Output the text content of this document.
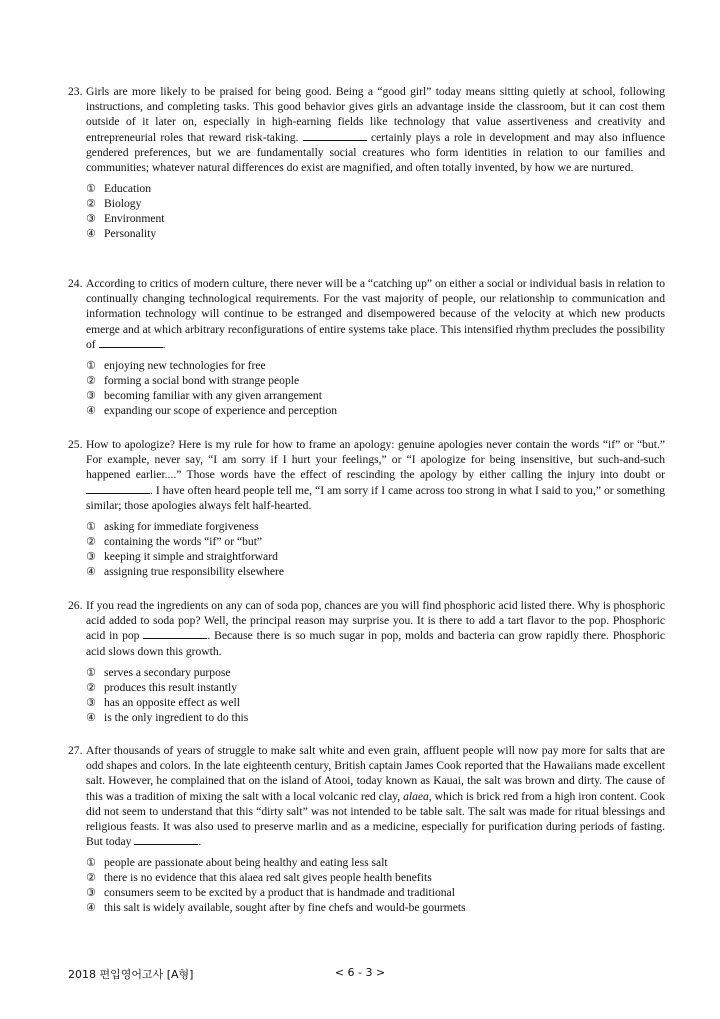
23. Girls are more likely to be praised for being good. Being a “good girl” today means sitting quietly at school, following instructions, and completing tasks. This good behavior gives girls an advantage inside the classroom, but it can cost them outside of it later on, especially in high-earning fields like technology that value assertiveness and creativity and entrepreneurial roles that reward risk-taking.	certainly plays a role in development and may also influence gendered preferences, but we are fundamentally social creatures who form identities in relation to our families and communities; whatever natural differences do exist are magnified, and often totally invented, by how we are nurtured.

① Education
② Biology
③ Environment
④ Personality

24. According to critics of modern culture, there never will be a “catching up” on either a social or individual basis in relation to continually changing technological requirements. For the vast majority of people, our relationship to communication and information technology will continue to be estranged and disempowered because of the velocity at which new products emerge and at which arbitrary reconfigurations of entire systems take place. This intensified rhythm precludes the possibility of	.

① enjoying new technologies for free
② forming a social bond with strange people
③ becoming familiar with any given arrangement
④ expanding our scope of experience and perception

25. How to apologize? Here is my rule for how to frame an apology: genuine apologies never contain the words “if” or “but.” For example, never say, “I am sorry if I hurt your feelings,” or “I apologize for being insensitive, but such-and-such happened earlier....” Those words have the effect of rescinding the apology by either calling the injury into doubt or . I have often heard people tell me, “I am sorry if I came across too strong in what I said to you,” or something similar; those apologies always felt half-hearted.

① asking for immediate forgiveness
② containing the words “if” or “but”
③ keeping it simple and straightforward
④ assigning true responsibility elsewhere

26. If you read the ingredients on any can of soda pop, chances are you will find phosphoric acid listed there. Why is phosphoric acid added to soda pop? Well, the principal reason may surprise you. It is there to add a tart flavor to the pop. Phosphoric acid in pop	. Because there is so much sugar in pop, molds and bacteria can grow rapidly there. Phosphoric acid slows down this growth.

① serves a secondary purpose
② produces this result instantly
③ has an opposite effect as well
④ is the only ingredient to do this

27. After thousands of years of struggle to make salt white and even grain, affluent people will now pay more for salts that are odd shapes and colors. In the late eighteenth century, British captain James Cook reported that the Hawaiians made excellent salt. However, he complained that on the island of Atooi, today known as Kauai, the salt was brown and dirty. The cause of this was a tradition of mixing the salt with a local volcanic red clay, alaea, which is brick red from a high iron content. Cook did not seem to understand that this “dirty salt” was not intended to be table salt. The salt was made for ritual blessings and religious feasts. It was also used to preserve marlin and as a medicine, especially for purification during periods of fasting. But today	.

① people are passionate about being healthy and eating less salt
② there is no evidence that this alaea red salt gives people health benefits
③ consumers seem to be excited by a product that is handmade and traditional
④ this salt is widely available, sought after by fine chefs and would-be gourmets
2018 편입영어고사 [A형]	< 6 - 3 >
